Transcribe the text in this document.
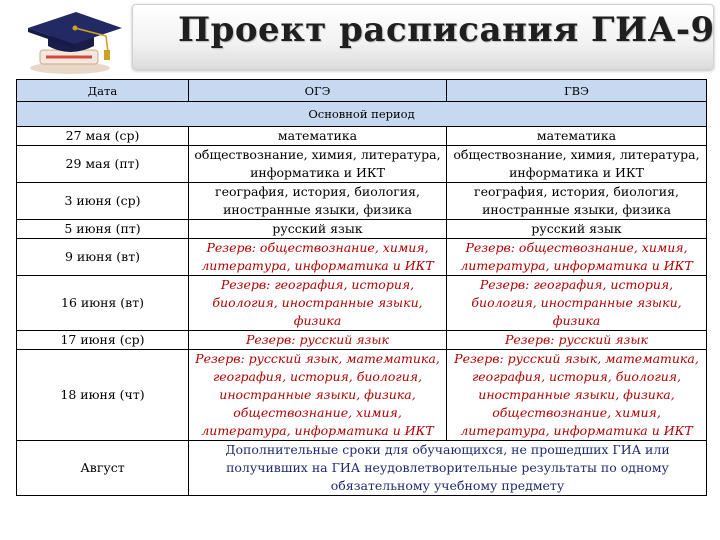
Проект расписания ГИА-9
Дата	ОГЭ	ГВЭ
Основной период		
27 мая (ср)	математика	математика
29 мая (пт)	обществознание, химия, литература, информатика и ИКТ	обществознание, химия, литература, информатика и ИКТ
3 июня (ср)	география, история, биология, иностранные языки, физика	география, история, биология, иностранные языки, физика
5 июня (пт)	русский язык	русский язык
9 июня (вт)	Резерв: обществознание, химия, литература, информатика и ИКТ	Резерв: обществознание, химия, литература, информатика и ИКТ
16 июня (вт)	Резерв: география, история, биология, иностранные языки, физика	Резерв: география, история, биология, иностранные языки, физика
17 июня (ср)	Резерв: русский язык	Резерв: русский язык
18 июня (чт)	Резерв: русский язык, математика, география, история, биология, иностранные языки, физика, обществознание, химия, литература, информатика и ИКТ	Резерв: русский язык, математика, география, история, биология, иностранные языки, физика, обществознание, химия, литература, информатика и ИКТ
Август	Дополнительные сроки для обучающихся, не прошедших ГИА или получивших на ГИА неудовлетворительные результаты по одному обязательному учебному предмету	
